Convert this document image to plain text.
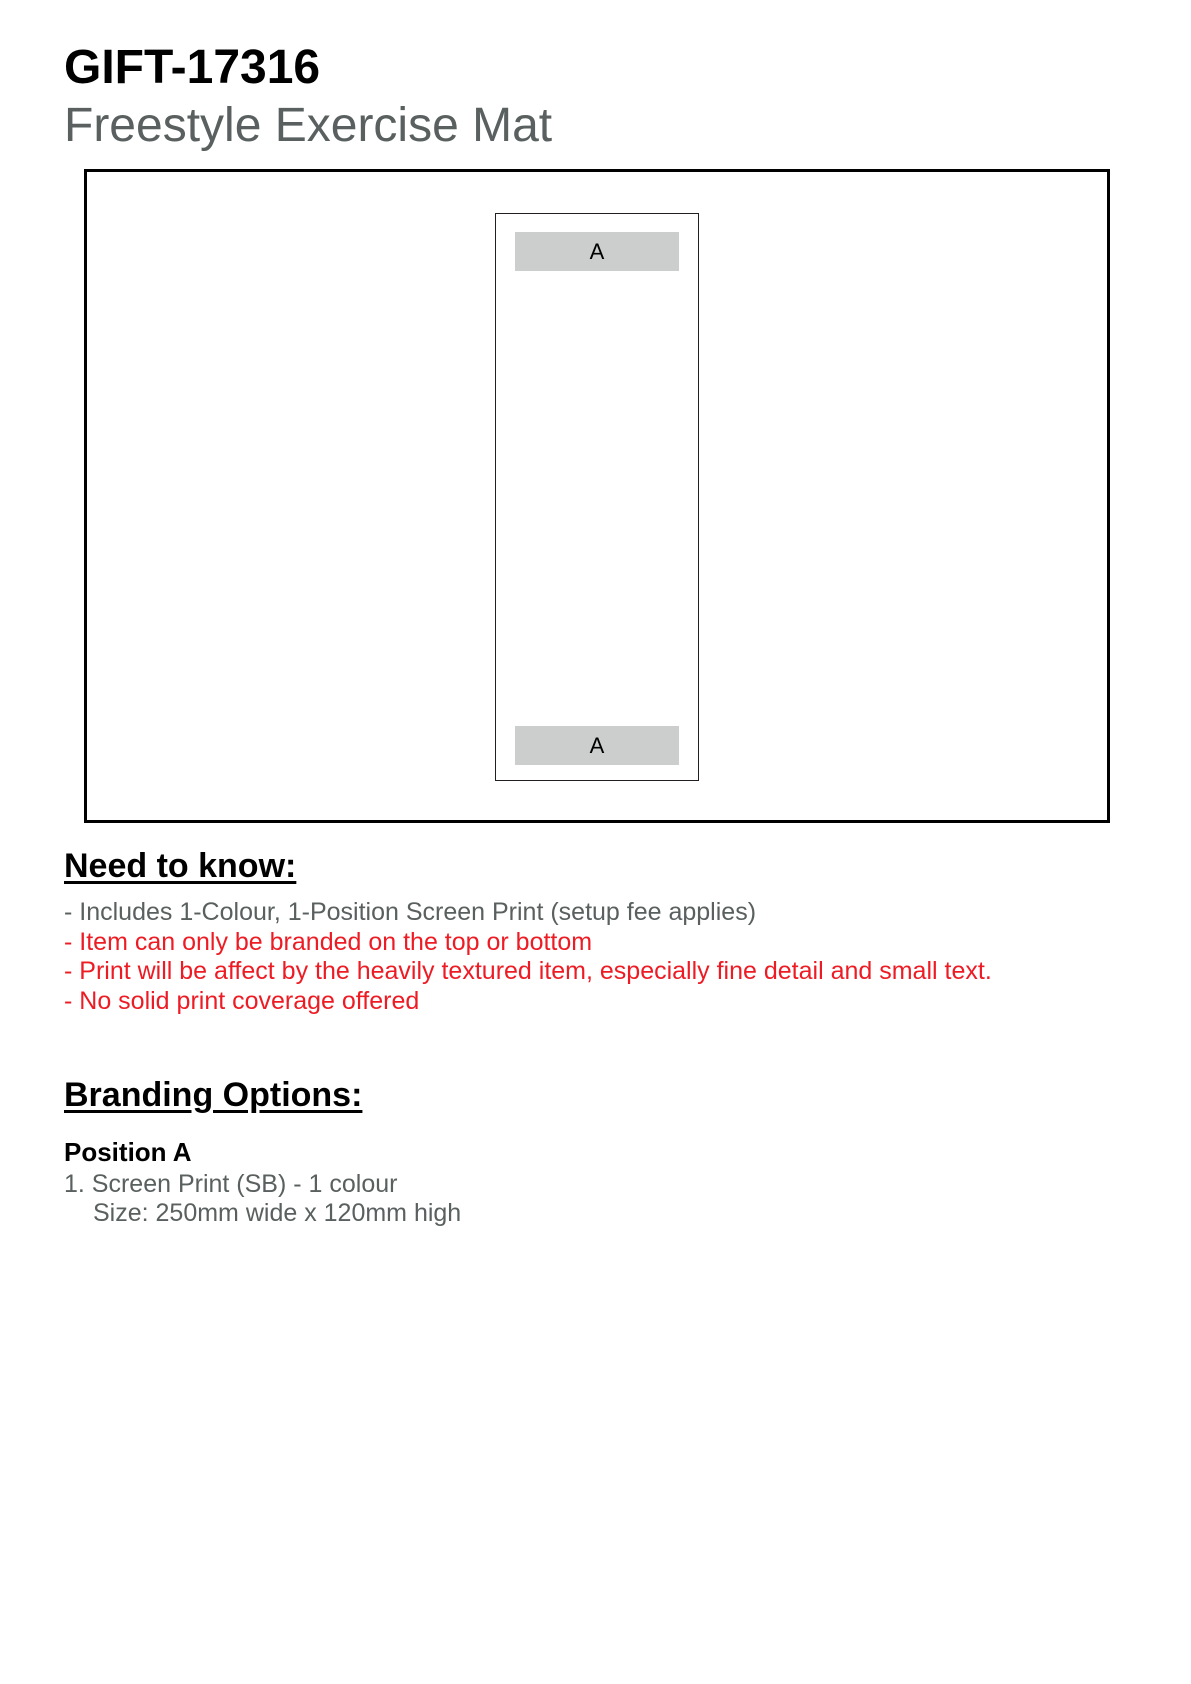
GIFT-17316
Freestyle Exercise Mat
A
A
Need to know:
- Includes 1-Colour, 1-Position Screen Print (setup fee applies)
- Item can only be branded on the top or bottom
- Print will be affect by the heavily textured item, especially fine detail and small text.
- No solid print coverage offered
Branding Options:
Position A
1. Screen Print (SB) - 1 colour
Size: 250mm wide x 120mm high
